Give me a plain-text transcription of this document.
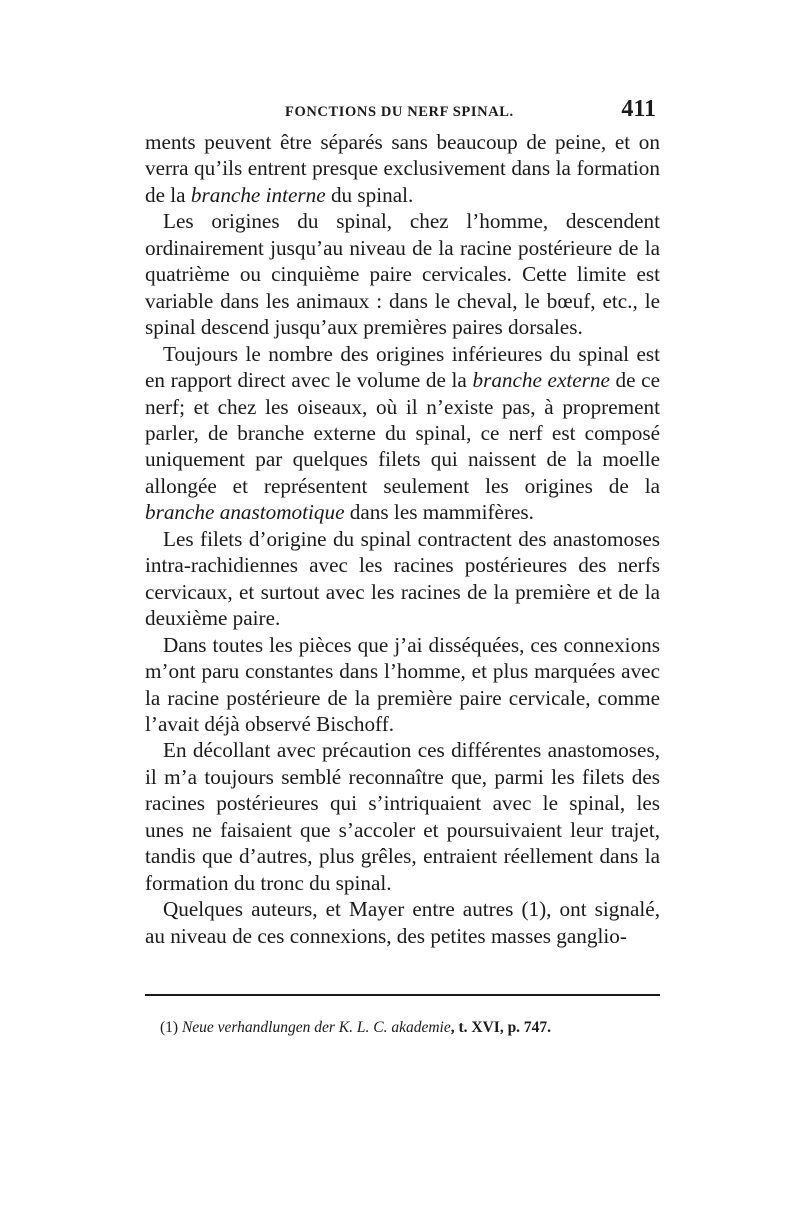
FONCTIONS DU NERF SPINAL.	411

ments peuvent être séparés sans beaucoup de peine, et on verra qu’ils entrent presque exclusivement dans la formation de la branche interne du spinal.

Les origines du spinal, chez l’homme, descendent ordinairement jusqu’au niveau de la racine postérieure de la quatrième ou cinquième paire cervicales. Cette limite est variable dans les animaux : dans le cheval, le bœuf, etc., le spinal descend jusqu’aux premières paires dorsales.

Toujours le nombre des origines inférieures du spinal est en rapport direct avec le volume de la branche externe de ce nerf; et chez les oiseaux, où il n’existe pas, à proprement parler, de branche externe du spinal, ce nerf est composé uniquement par quelques filets qui naissent de la moelle allongée et représentent seulement les origines de la branche anastomotique dans les mammifères.

Les filets d’origine du spinal contractent des anastomoses intra-rachidiennes avec les racines postérieures des nerfs cervicaux, et surtout avec les racines de la première et de la deuxième paire.

Dans toutes les pièces que j’ai disséquées, ces connexions m’ont paru constantes dans l’homme, et plus marquées avec la racine postérieure de la première paire cervicale, comme l’avait déjà observé Bischoff.

En décollant avec précaution ces différentes anastomoses, il m’a toujours semblé reconnaître que, parmi les filets des racines postérieures qui s’intriquaient avec le spinal, les unes ne faisaient que s’accoler et poursuivaient leur trajet, tandis que d’autres, plus grêles, entraient réellement dans la formation du tronc du spinal.

Quelques auteurs, et Mayer entre autres (1), ont signalé, au niveau de ces connexions, des petites masses ganglio-

(1) Neue verhandlungen der K. L. C. akademie, t. XVI, p. 747.
